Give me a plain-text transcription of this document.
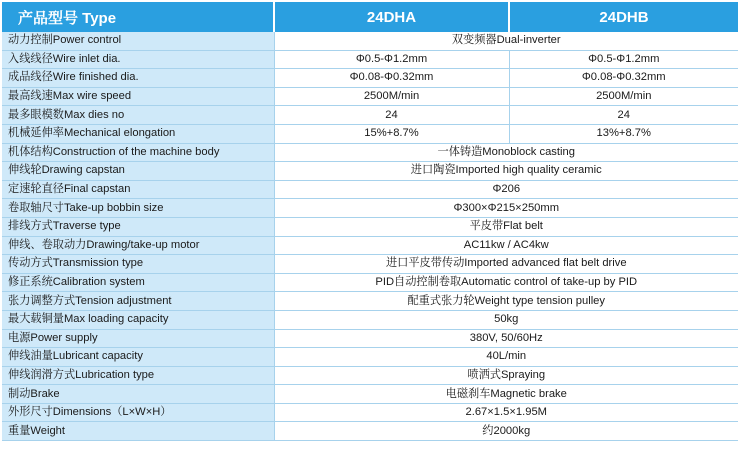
产品型号 Type	24DHA	24DHB
动力控制Power control	双变频器Dual-inverter	
入线线径Wire inlet dia.	Φ0.5-Φ1.2mm	Φ0.5-Φ1.2mm
成品线径Wire finished dia.	Φ0.08-Φ0.32mm	Φ0.08-Φ0.32mm
最高线速Max wire speed	2500M/min	2500M/min
最多眼模数Max dies no	24	24
机械延伸率Mechanical elongation	15%+8.7%	13%+8.7%
机体结构Construction of the machine body	一体铸造Monoblock casting	
伸线轮Drawing capstan	进口陶瓷Imported high quality ceramic	
定速轮直径Final capstan	Φ206	
卷取轴尺寸Take-up bobbin size	Φ300×Φ215×250mm	
排线方式Traverse type	平皮带Flat belt	
伸线、卷取动力Drawing/take-up motor	AC11kw / AC4kw	
传动方式Transmission type	进口平皮带传动Imported advanced flat belt drive	
修正系统Calibration system	PID自动控制卷取Automatic control of take-up by PID	
张力调整方式Tension adjustment	配重式张力轮Weight type tension pulley	
最大载铜量Max loading capacity	50kg	
电源Power supply	380V, 50/60Hz	
伸线油量Lubricant capacity	40L/min	
伸线润滑方式Lubrication type	喷洒式Spraying	
制动Brake	电磁刹车Magnetic brake	
外形尺寸Dimensions（L×W×H）	2.67×1.5×1.95M	
重量Weight	约2000kg	
